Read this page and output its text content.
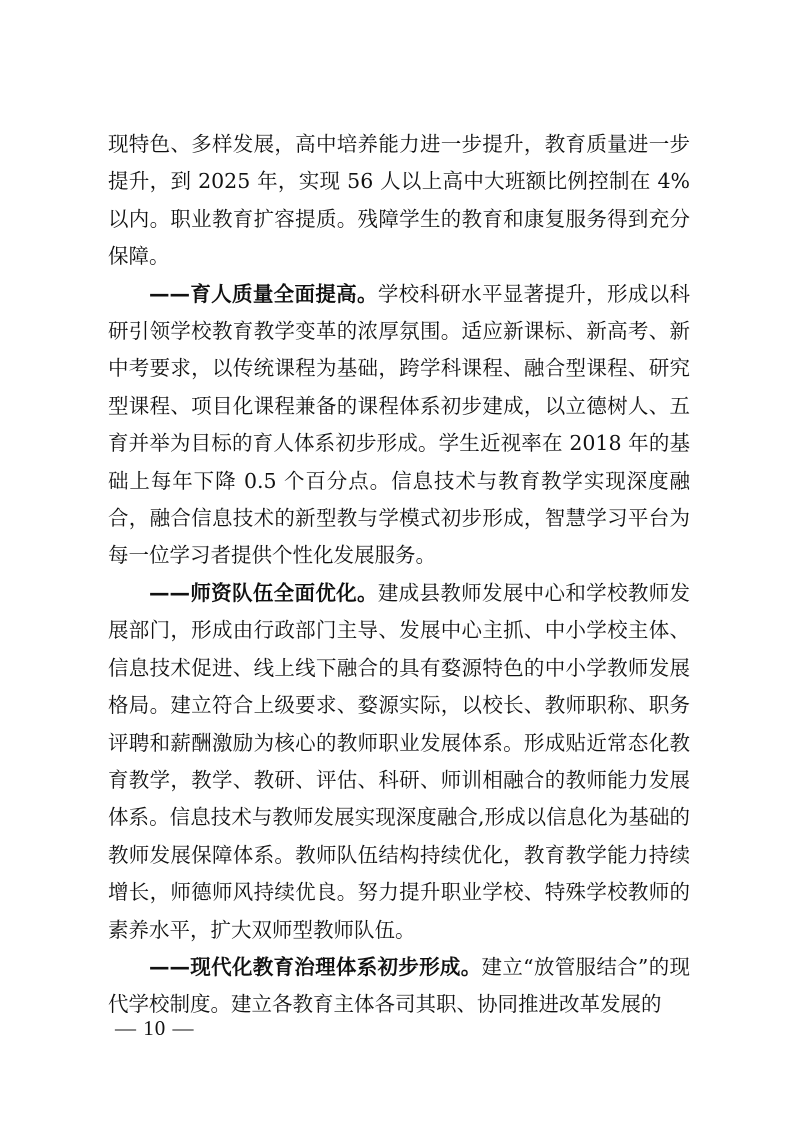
现特色、多样发展，高中培养能力进一步提升，教育质量进一步提升，到 2025 年，实现 56 人以上高中大班额比例控制在 4%以内。职业教育扩容提质。残障学生的教育和康复服务得到充分保障。

——育人质量全面提高。学校科研水平显著提升，形成以科研引领学校教育教学变革的浓厚氛围。适应新课标、新高考、新中考要求，以传统课程为基础，跨学科课程、融合型课程、研究型课程、项目化课程兼备的课程体系初步建成，以立德树人、五育并举为目标的育人体系初步形成。学生近视率在 2018 年的基础上每年下降 0.5 个百分点。信息技术与教育教学实现深度融合，融合信息技术的新型教与学模式初步形成，智慧学习平台为每一位学习者提供个性化发展服务。

——师资队伍全面优化。建成县教师发展中心和学校教师发展部门，形成由行政部门主导、发展中心主抓、中小学校主体、信息技术促进、线上线下融合的具有婺源特色的中小学教师发展格局。建立符合上级要求、婺源实际，以校长、教师职称、职务评聘和薪酬激励为核心的教师职业发展体系。形成贴近常态化教育教学，教学、教研、评估、科研、师训相融合的教师能力发展体系。信息技术与教师发展实现深度融合,形成以信息化为基础的教师发展保障体系。教师队伍结构持续优化，教育教学能力持续增长，师德师风持续优良。努力提升职业学校、特殊学校教师的素养水平，扩大双师型教师队伍。

——现代化教育治理体系初步形成。建立“放管服结合”的现代学校制度。建立各教育主体各司其职、协同推进改革发展的

— 10 —
